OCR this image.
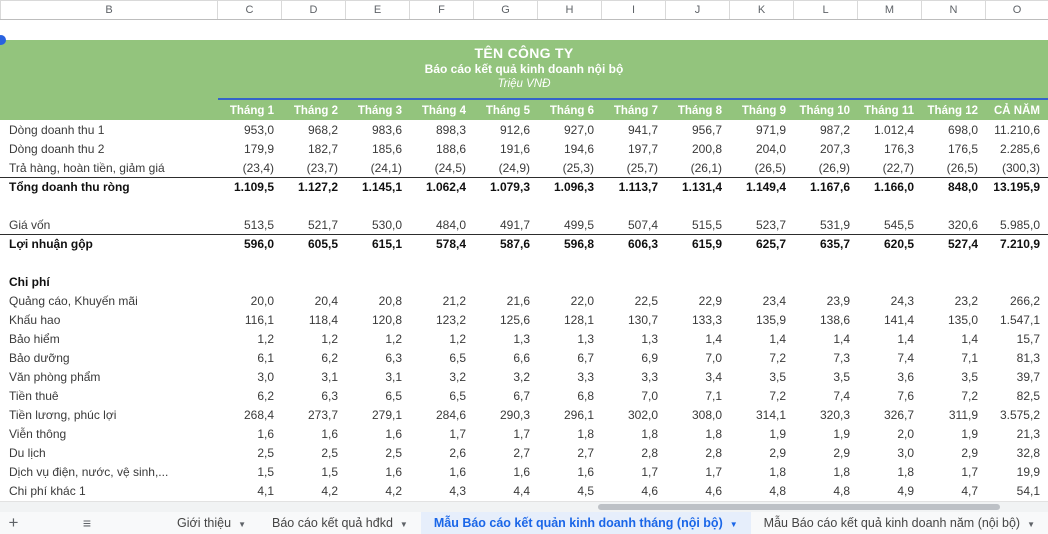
B	C	D	E	F	G	H	I	J	K	L	M	N	O
TÊN CÔNG TY
Báo cáo kết quả kinh doanh nội bộ
Triệu VNĐ
Tháng 1	Tháng 2	Tháng 3	Tháng 4	Tháng 5	Tháng 6	Tháng 7	Tháng 8	Tháng 9	Tháng 10	Tháng 11	Tháng 12	CẢ NĂM
Dòng doanh thu 1	953,0	968,2	983,6	898,3	912,6	927,0	941,7	956,7	971,9	987,2	1.012,4	698,0	11.210,6
Dòng doanh thu 2	179,9	182,7	185,6	188,6	191,6	194,6	197,7	200,8	204,0	207,3	176,3	176,5	2.285,6
Trả hàng, hoàn tiền, giảm giá	(23,4)	(23,7)	(24,1)	(24,5)	(24,9)	(25,3)	(25,7)	(26,1)	(26,5)	(26,9)	(22,7)	(26,5)	(300,3)
Tổng doanh thu ròng	1.109,5	1.127,2	1.145,1	1.062,4	1.079,3	1.096,3	1.113,7	1.131,4	1.149,4	1.167,6	1.166,0	848,0	13.195,9
Giá vốn	513,5	521,7	530,0	484,0	491,7	499,5	507,4	515,5	523,7	531,9	545,5	320,6	5.985,0
Lợi nhuận gộp	596,0	605,5	615,1	578,4	587,6	596,8	606,3	615,9	625,7	635,7	620,5	527,4	7.210,9
Chi phí
Quảng cáo, Khuyến mãi	20,0	20,4	20,8	21,2	21,6	22,0	22,5	22,9	23,4	23,9	24,3	23,2	266,2
Khấu hao	116,1	118,4	120,8	123,2	125,6	128,1	130,7	133,3	135,9	138,6	141,4	135,0	1.547,1
Bảo hiểm	1,2	1,2	1,2	1,2	1,3	1,3	1,3	1,4	1,4	1,4	1,4	1,4	15,7
Bảo dưỡng	6,1	6,2	6,3	6,5	6,6	6,7	6,9	7,0	7,2	7,3	7,4	7,1	81,3
Văn phòng phẩm	3,0	3,1	3,1	3,2	3,2	3,3	3,3	3,4	3,5	3,5	3,6	3,5	39,7
Tiền thuê	6,2	6,3	6,5	6,5	6,7	6,8	7,0	7,1	7,2	7,4	7,6	7,2	82,5
Tiền lương, phúc lợi	268,4	273,7	279,1	284,6	290,3	296,1	302,0	308,0	314,1	320,3	326,7	311,9	3.575,2
Viễn thông	1,6	1,6	1,6	1,7	1,7	1,8	1,8	1,8	1,9	1,9	2,0	1,9	21,3
Du lịch	2,5	2,5	2,5	2,6	2,7	2,7	2,8	2,8	2,9	2,9	3,0	2,9	32,8
Dịch vụ điện, nước, vệ sinh,...	1,5	1,5	1,6	1,6	1,6	1,6	1,7	1,7	1,8	1,8	1,8	1,7	19,9
Chi phí khác 1	4,1	4,2	4,2	4,3	4,4	4,5	4,6	4,6	4,8	4,8	4,9	4,7	54,1
+	≡	Giới thiệu ▼ Báo cáo kết quả hđkd ▼ Mẫu Báo cáo kết quản kinh doanh tháng (nội bộ) ▼ Mẫu Báo cáo kết quả kinh doanh năm (nội bộ) ▼
